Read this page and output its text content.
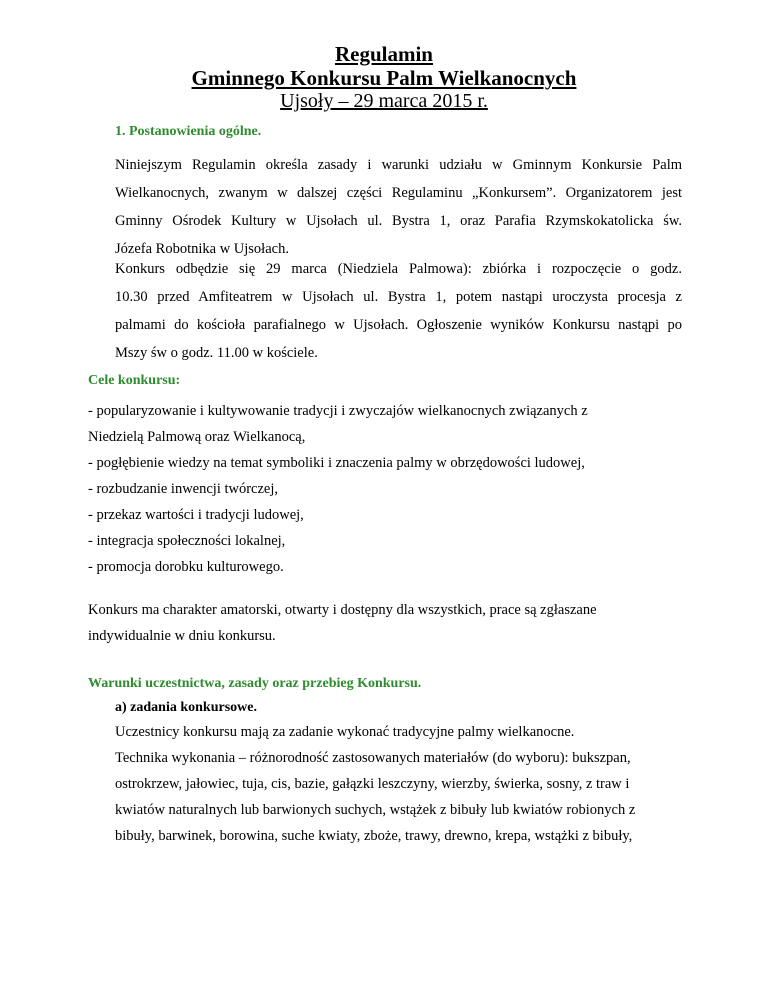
Regulamin
Gminnego Konkursu Palm Wielkanocnych
Ujsoły – 29 marca 2015 r.
1. Postanowienia ogólne.
Niniejszym Regulamin określa zasady i warunki udziału w Gminnym Konkursie Palm
Wielkanocnych, zwanym w dalszej części Regulaminu „Konkursem”. Organizatorem jest
Gminny Ośrodek Kultury w Ujsołach ul. Bystra 1, oraz Parafia Rzymskokatolicka św.
Józefa Robotnika w Ujsołach.
Konkurs odbędzie się 29 marca (Niedziela Palmowa): zbiórka i rozpoczęcie o godz.
10.30 przed Amfiteatrem w Ujsołach ul. Bystra 1, potem nastąpi uroczysta procesja z
palmami do kościoła parafialnego w Ujsołach. Ogłoszenie wyników Konkursu nastąpi po
Mszy św o godz. 11.00 w kościele.
Cele konkursu:
- popularyzowanie i kultywowanie tradycji i zwyczajów wielkanocnych związanych z
Niedzielą Palmową oraz Wielkanocą,
- pogłębienie wiedzy na temat symboliki i znaczenia palmy w obrzędowości ludowej,
- rozbudzanie inwencji twórczej,
- przekaz wartości i tradycji ludowej,
- integracja społeczności lokalnej,
- promocja dorobku kulturowego.
Konkurs ma charakter amatorski, otwarty i dostępny dla wszystkich, prace są zgłaszane
indywidualnie w dniu konkursu.
Warunki uczestnictwa, zasady oraz przebieg Konkursu.
a) zadania konkursowe.
Uczestnicy konkursu mają za zadanie wykonać tradycyjne palmy wielkanocne.
Technika wykonania – różnorodność zastosowanych materiałów (do wyboru): bukszpan,
ostrokrzew, jałowiec, tuja, cis, bazie, gałązki leszczyny, wierzby, świerka, sosny, z traw i
kwiatów naturalnych lub barwionych suchych, wstążek z bibuły lub kwiatów robionych z
bibuły, barwinek, borowina, suche kwiaty, zboże, trawy, drewno, krepa, wstążki z bibuły,
